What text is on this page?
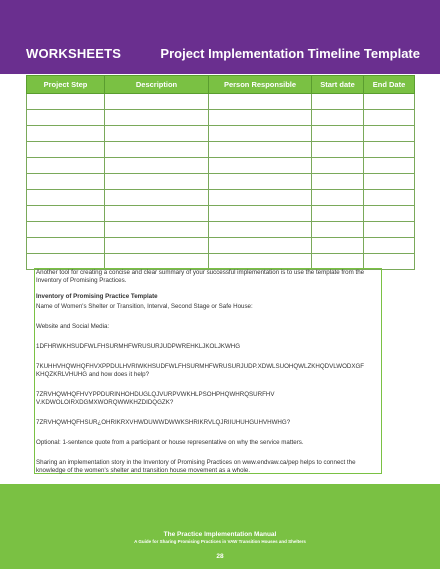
WORKSHEETS	Project Implementation Timeline Template
Project Step	Description	Person Responsible	Start date	End Date

Another tool for creating a concise and clear summary of your successful implementation is to use the template from the Inventory of Promising Practices.

Inventory of Promising Practice Template

Name of Women's Shelter or Transition, Interval, Second Stage or Safe House:

Website and Social Media:

1DFHRWKHSUDFWLFHSURMHFWRUSURJUDPWREHKLJKOLJKWHG

7KUHHVHQWHQFHVXPPDULHVRIWKHSUDFWLFHSURMHFWRUSURJUDP.XDWLSUOHQWLZKHQDVLWODXGF KHQZKRLVHUHG and how does it help?

7ZRVHQWHQFHVYPPDURINHOHDUGLQJVURPVWKHLPSOHPHQWHRQSURFHV V.KDWOLOIRXDGMXWORQWWKHZDIDQGZK?

7ZRVHQWHQFHSUR¿OHRIKRXVHWDUWWDWWKSHRIKRVLQJRIIUHUHGUHVHWHG?

Optional: 1-sentence quote from a participant or house representative on why the service matters.

Sharing an implementation story in the Inventory of Promising Practices on www.endvaw.ca/pep helps to connect the knowledge of the women's shelter and transition house movement as a whole.

The Practice Implementation Manual
A Guide for Sharing Promising Practices in VAW Transition Houses and Shelters
28
